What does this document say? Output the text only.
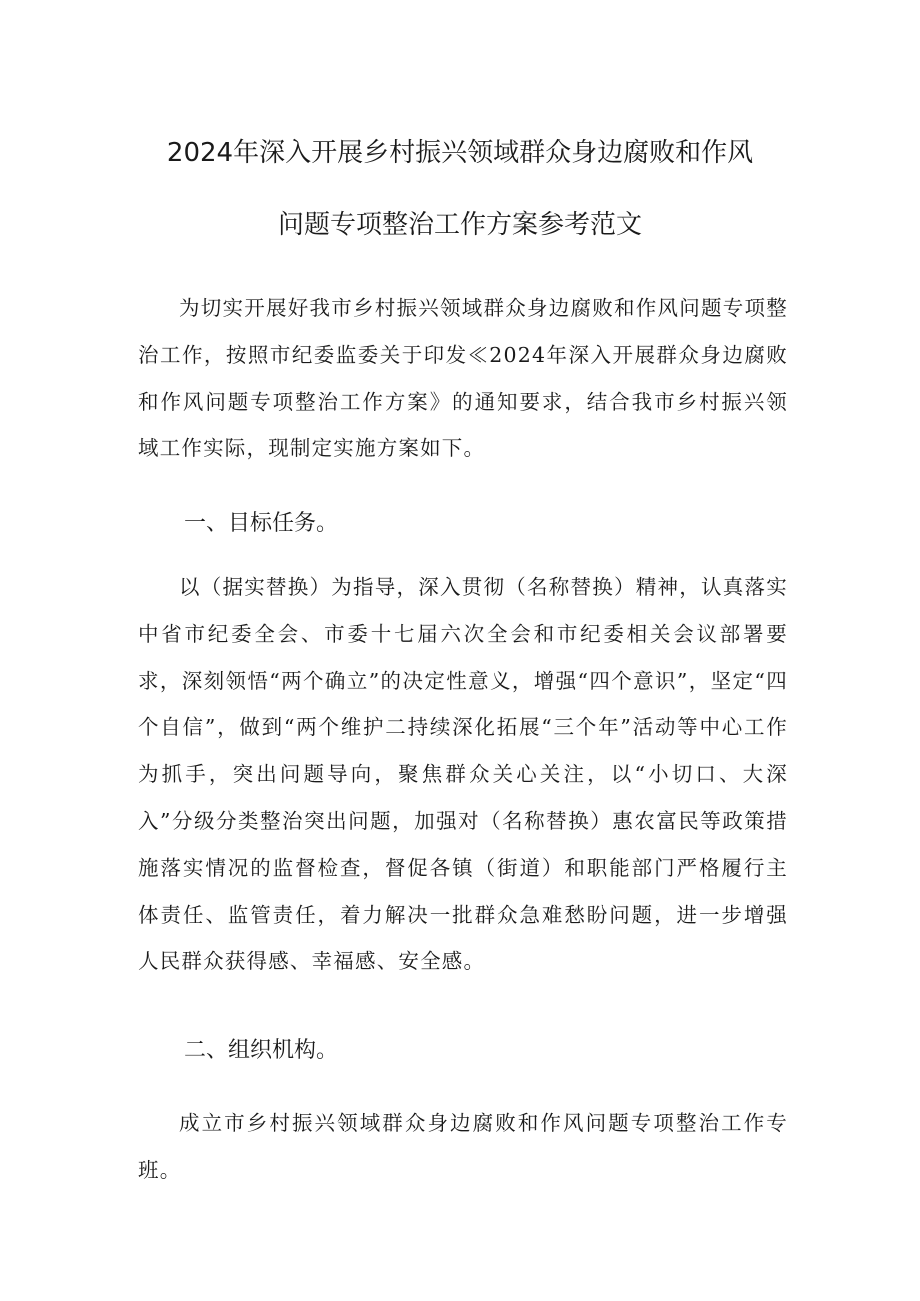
2024年深入开展乡村振兴领域群众身边腐败和作风
问题专项整治工作方案参考范文

为切实开展好我市乡村振兴领域群众身边腐败和作风问题专项整治工作，按照市纪委监委关于印发≪2024年深入开展群众身边腐败和作风问题专项整治工作方案》的通知要求，结合我市乡村振兴领域工作实际，现制定实施方案如下。

一、目标任务。

以（据实替换）为指导，深入贯彻（名称替换）精神，认真落实中省市纪委全会、市委十七届六次全会和市纪委相关会议部署要求，深刻领悟“两个确立”的决定性意义，增强“四个意识”，坚定“四个自信”，做到“两个维护二持续深化拓展“三个年”活动等中心工作为抓手，突出问题导向，聚焦群众关心关注，以“小切口、大深入”分级分类整治突出问题，加强对（名称替换）惠农富民等政策措施落实情况的监督检查，督促各镇（街道）和职能部门严格履行主体责任、监管责任，着力解决一批群众急难愁盼问题，进一步增强人民群众获得感、幸福感、安全感。

二、组织机构。

成立市乡村振兴领域群众身边腐败和作风问题专项整治工作专班。
